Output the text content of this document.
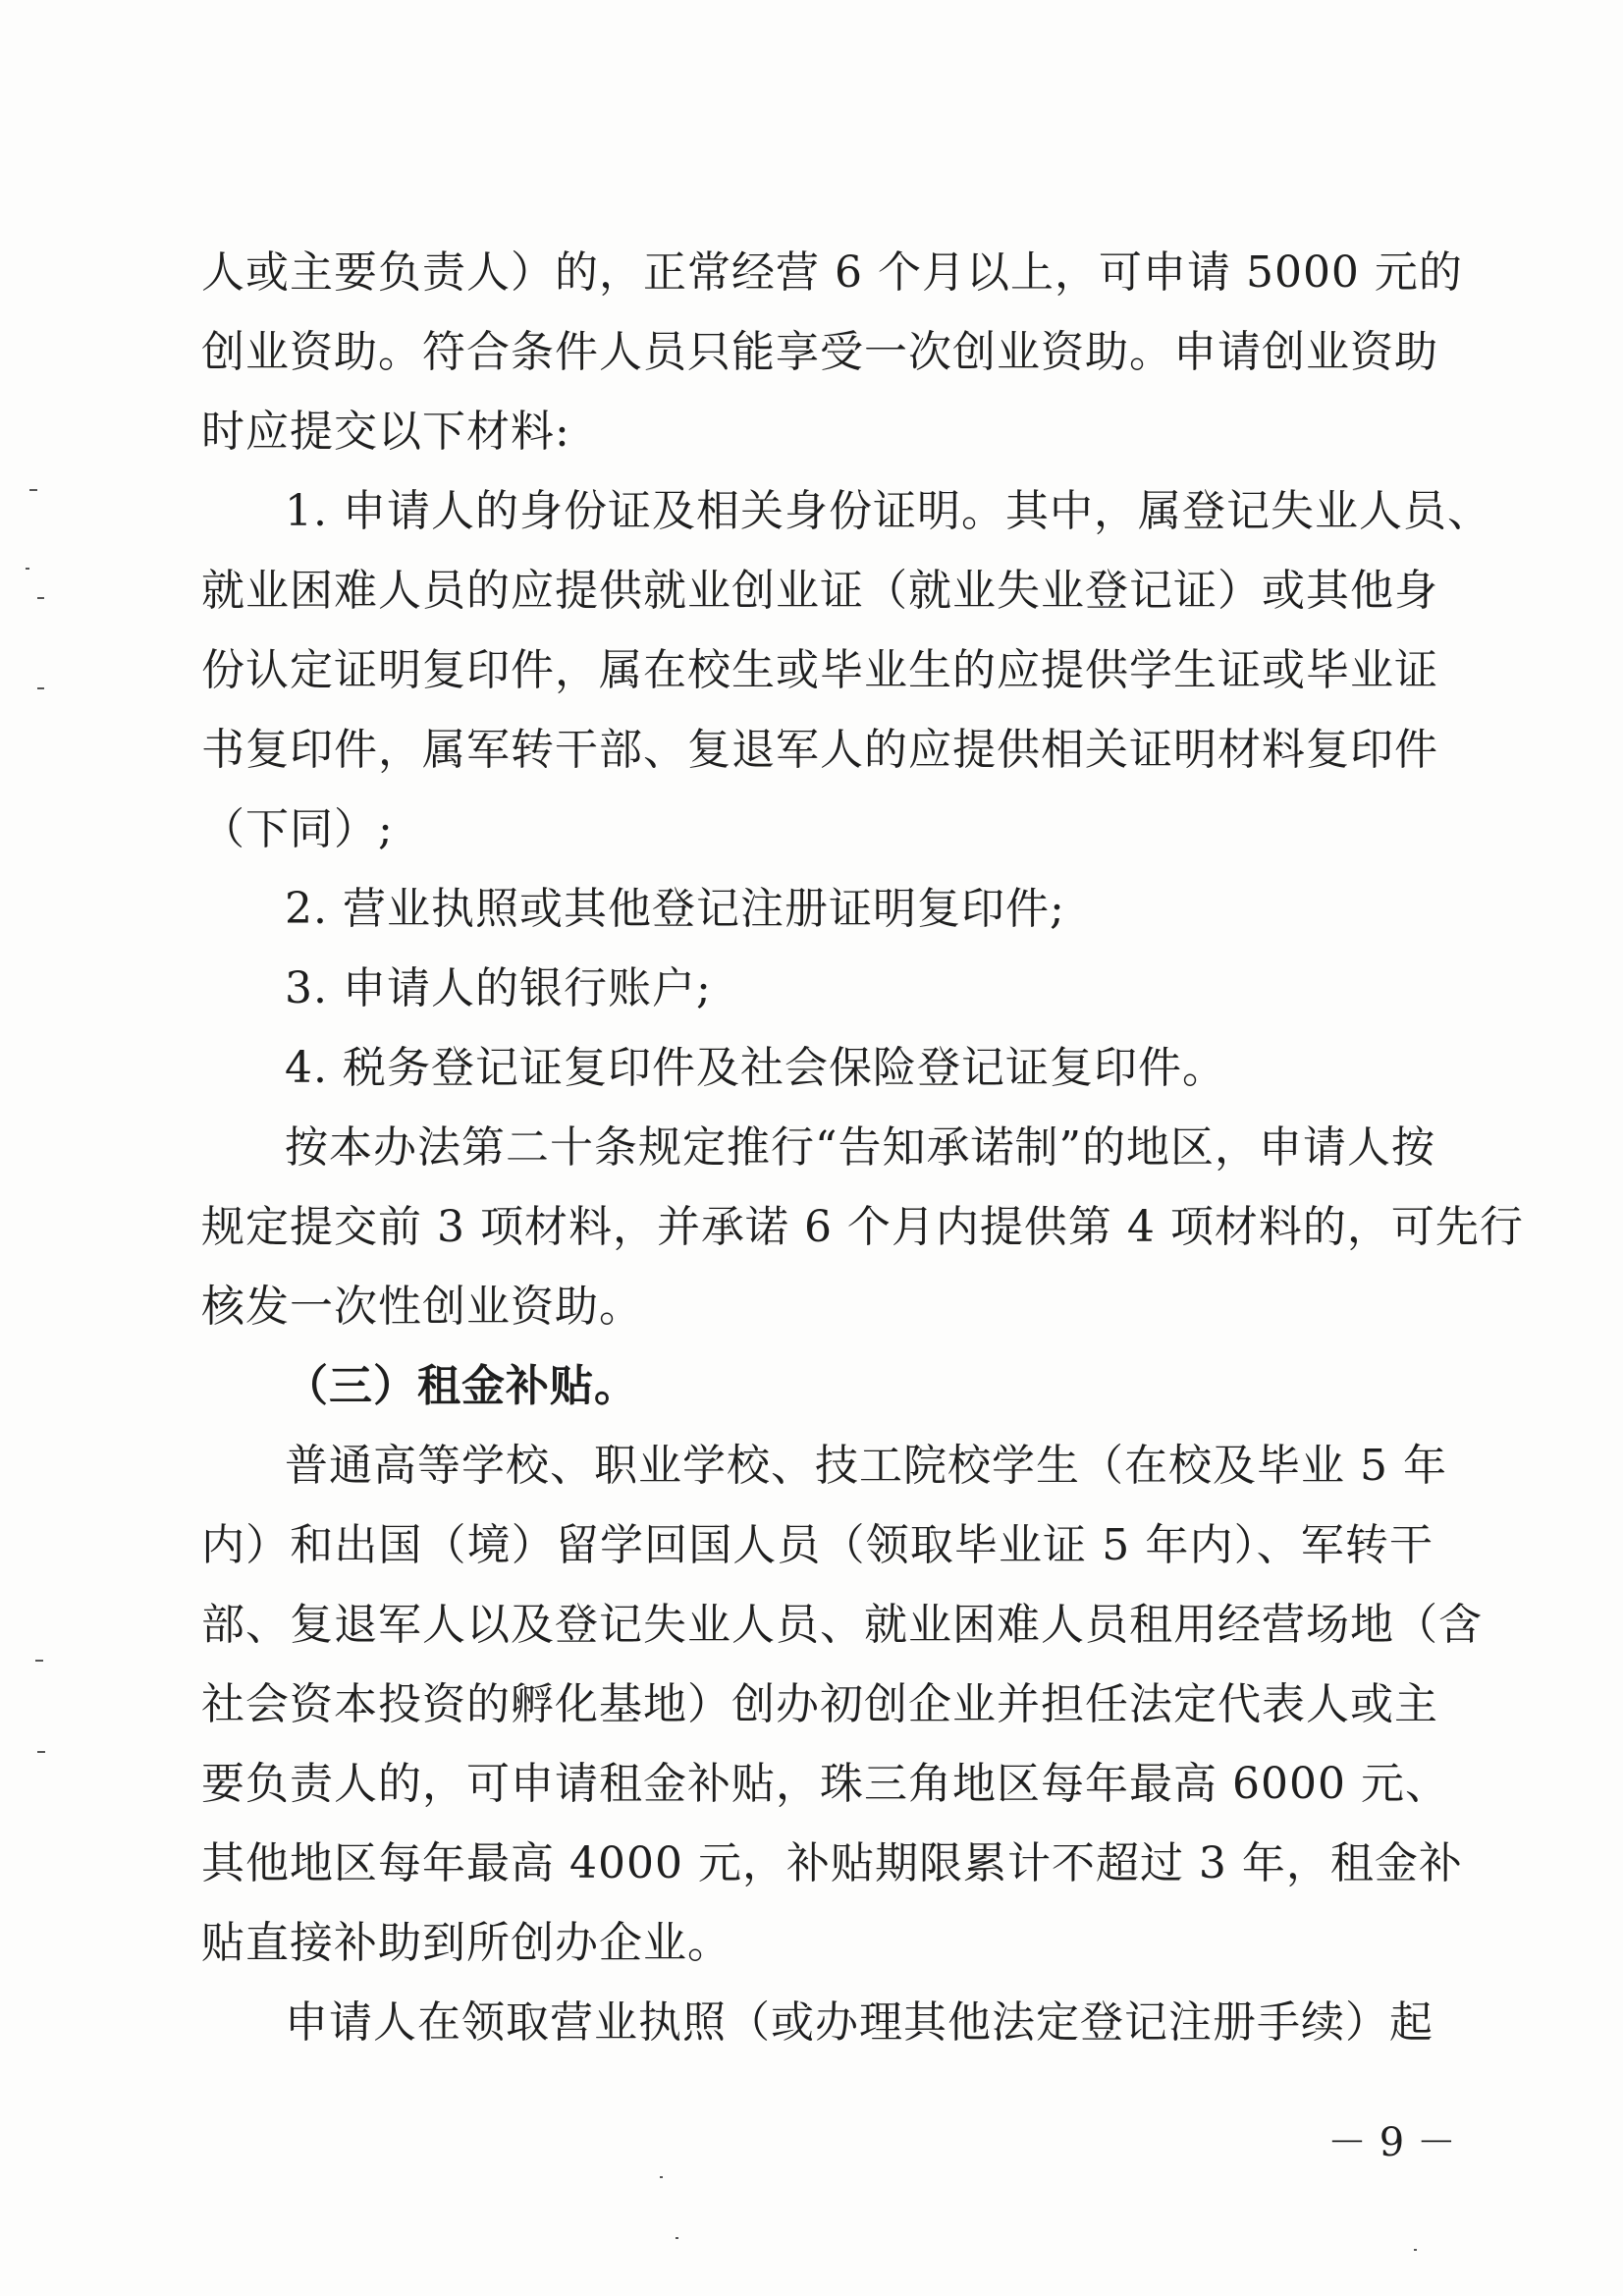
人或主要负责人）的，正常经营 6 个月以上，可申请 5000 元的
创业资助。符合条件人员只能享受一次创业资助。申请创业资助
时应提交以下材料:
1. 申请人的身份证及相关身份证明。其中，属登记失业人员、
就业困难人员的应提供就业创业证（就业失业登记证）或其他身
份认定证明复印件，属在校生或毕业生的应提供学生证或毕业证
书复印件，属军转干部、复退军人的应提供相关证明材料复印件
（下同）;
2. 营业执照或其他登记注册证明复印件;
3. 申请人的银行账户;
4. 税务登记证复印件及社会保险登记证复印件。
按本办法第二十条规定推行“告知承诺制”的地区，申请人按
规定提交前 3 项材料，并承诺 6 个月内提供第 4 项材料的，可先行
核发一次性创业资助。
（三）租金补贴。
普通高等学校、职业学校、技工院校学生（在校及毕业 5 年
内）和出国（境）留学回国人员（领取毕业证 5 年内）、军转干
部、复退军人以及登记失业人员、就业困难人员租用经营场地（含
社会资本投资的孵化基地）创办初创企业并担任法定代表人或主
要负责人的，可申请租金补贴，珠三角地区每年最高 6000 元、
其他地区每年最高 4000 元，补贴期限累计不超过 3 年，租金补
贴直接补助到所创办企业。
申请人在领取营业执照（或办理其他法定登记注册手续）起
－ 9 －
